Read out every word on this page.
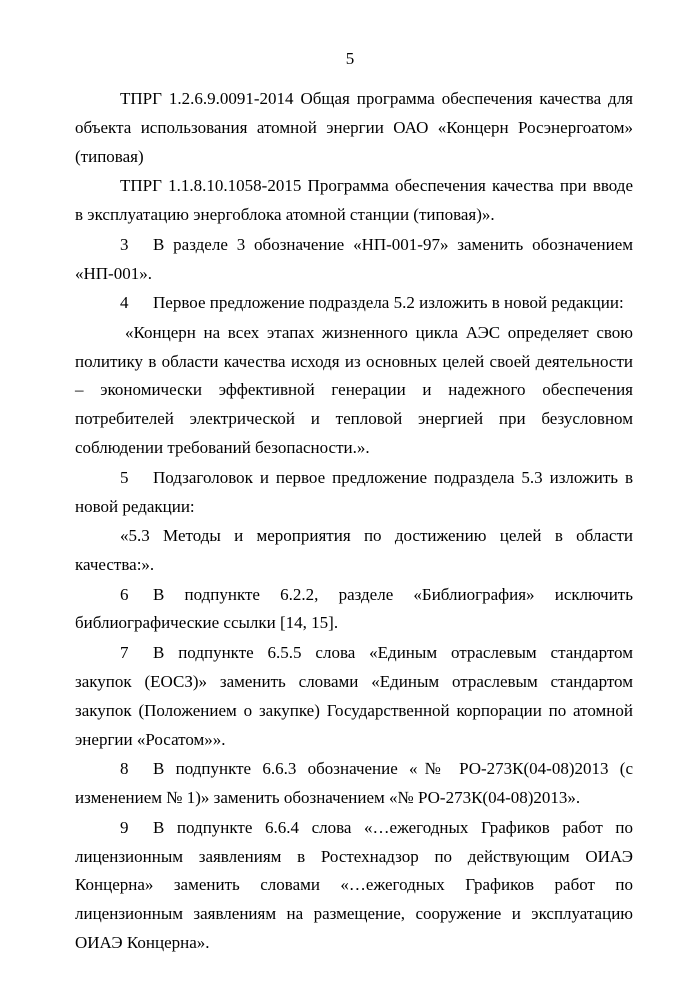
5

ТПРГ 1.2.6.9.0091-2014 Общая программа обеспечения качества для объекта использования атомной энергии ОАО «Концерн Росэнергоатом» (типовая)

ТПРГ 1.1.8.10.1058-2015 Программа обеспечения качества при вводе в эксплуатацию энергоблока атомной станции (типовая)».

3 В разделе 3 обозначение «НП-001-97» заменить обозначением «НП-001».

4 Первое предложение подраздела 5.2 изложить в новой редакции:

«Концерн на всех этапах жизненного цикла АЭС определяет свою политику в области качества исходя из основных целей своей деятельности – экономически эффективной генерации и надежного обеспечения потребителей электрической и тепловой энергией при безусловном соблюдении требований безопасности.».

5 Подзаголовок и первое предложение подраздела 5.3 изложить в новой редакции:

«5.3 Методы и мероприятия по достижению целей в области качества:».

6 В подпункте 6.2.2, разделе «Библиография» исключить библиографические ссылки [14, 15].

7 В подпункте 6.5.5 слова «Единым отраслевым стандартом закупок (ЕОСЗ)» заменить словами «Единым отраслевым стандартом закупок (Положением о закупке) Государственной корпорации по атомной энергии «Росатом»».

8 В подпункте 6.6.3 обозначение «№ РО-273К(04-08)2013 (с изменением № 1)» заменить обозначением «№ РО-273К(04-08)2013».

9 В подпункте 6.6.4 слова «…ежегодных Графиков работ по лицензионным заявлениям в Ростехнадзор по действующим ОИАЭ Концерна» заменить словами «…ежегодных Графиков работ по лицензионным заявлениям на размещение, сооружение и эксплуатацию ОИАЭ Концерна».
